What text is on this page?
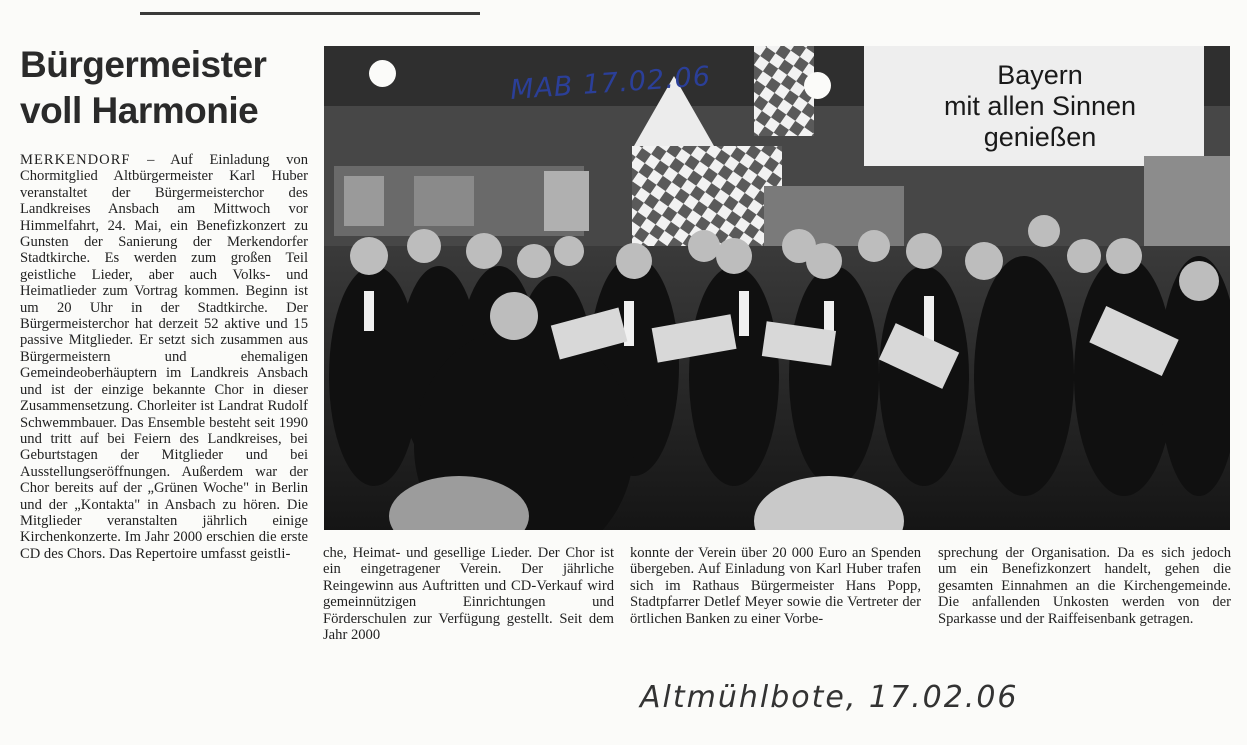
Bürgermeister
voll Harmonie
MERKENDORF – Auf Einladung von Chormitglied Altbürgermeister Karl Huber veranstaltet der Bürgermeisterchor des Landkreises Ansbach am Mittwoch vor Himmelfahrt, 24. Mai, ein Benefizkonzert zu Gunsten der Sanierung der Merkendorfer Stadtkirche. Es werden zum großen Teil geistliche Lieder, aber auch Volks- und Heimatlieder zum Vortrag kommen. Beginn ist um 20 Uhr in der Stadtkirche. Der Bürgermeisterchor hat derzeit 52 aktive und 15 passive Mitglieder. Er setzt sich zusammen aus Bürgermeistern und ehemaligen Gemeindeoberhäuptern im Landkreis Ansbach und ist der einzige bekannte Chor in dieser Zusammensetzung. Chorleiter ist Landrat Rudolf Schwemmbauer. Das Ensemble besteht seit 1990 und tritt auf bei Feiern des Landkreises, bei Geburtstagen der Mitglieder und bei Ausstellungseröffnungen. Außerdem war der Chor bereits auf der „Grünen Woche" in Berlin und der „Kontakta" in Ansbach zu hören. Die Mitglieder veranstalten jährlich einige Kirchenkonzerte. Im Jahr 2000 erschien die erste CD des Chors. Das Repertoire umfasst geistli-
Bayern
mit allen Sinnen
genießen
MAB 17.02.06
che, Heimat- und gesellige Lieder. Der Chor ist ein eingetragener Verein. Der jährliche Reingewinn aus Auftritten und CD-Verkauf wird gemeinnützigen Einrichtungen und Förderschulen zur Verfügung gestellt. Seit dem Jahr 2000
konnte der Verein über 20 000 Euro an Spenden übergeben. Auf Einladung von Karl Huber trafen sich im Rathaus Bürgermeister Hans Popp, Stadtpfarrer Detlef Meyer sowie die Vertreter der örtlichen Banken zu einer Vorbe-
sprechung der Organisation. Da es sich jedoch um ein Benefizkonzert handelt, gehen die gesamten Einnahmen an die Kirchengemeinde. Die anfallenden Unkosten werden von der Sparkasse und der Raiffeisenbank getragen.
Altmühlbote, 17.02.06
